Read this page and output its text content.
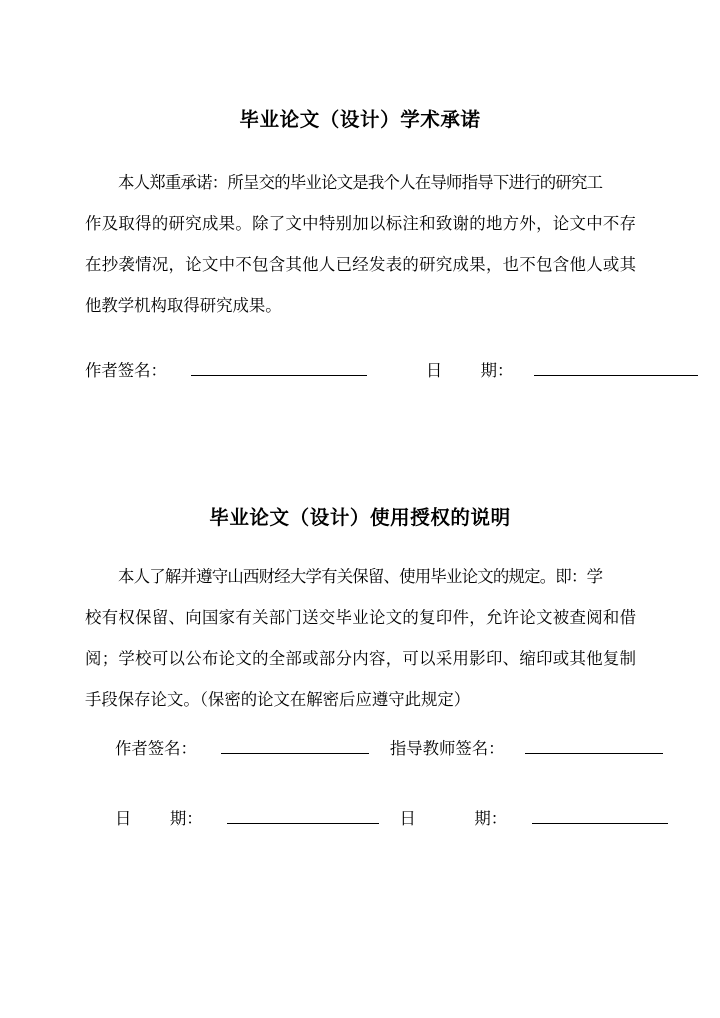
毕业论文（设计）学术承诺
本人郑重承诺：所呈交的毕业论文是我个人在导师指导下进行的研究工
作及取得的研究成果。除了文中特别加以标注和致谢的地方外，论文中不存
在抄袭情况，论文中不包含其他人已经发表的研究成果，也不包含他人或其
他教学机构取得研究成果。
作者签名：	日 期：
毕业论文（设计）使用授权的说明
本人了解并遵守山西财经大学有关保留、使用毕业论文的规定。即：学
校有权保留、向国家有关部门送交毕业论文的复印件，允许论文被查阅和借
阅；学校可以公布论文的全部或部分内容，可以采用影印、缩印或其他复制
手段保存论文。（保密的论文在解密后应遵守此规定）
作者签名：	指导教师签名：
日 期：	日	期：
